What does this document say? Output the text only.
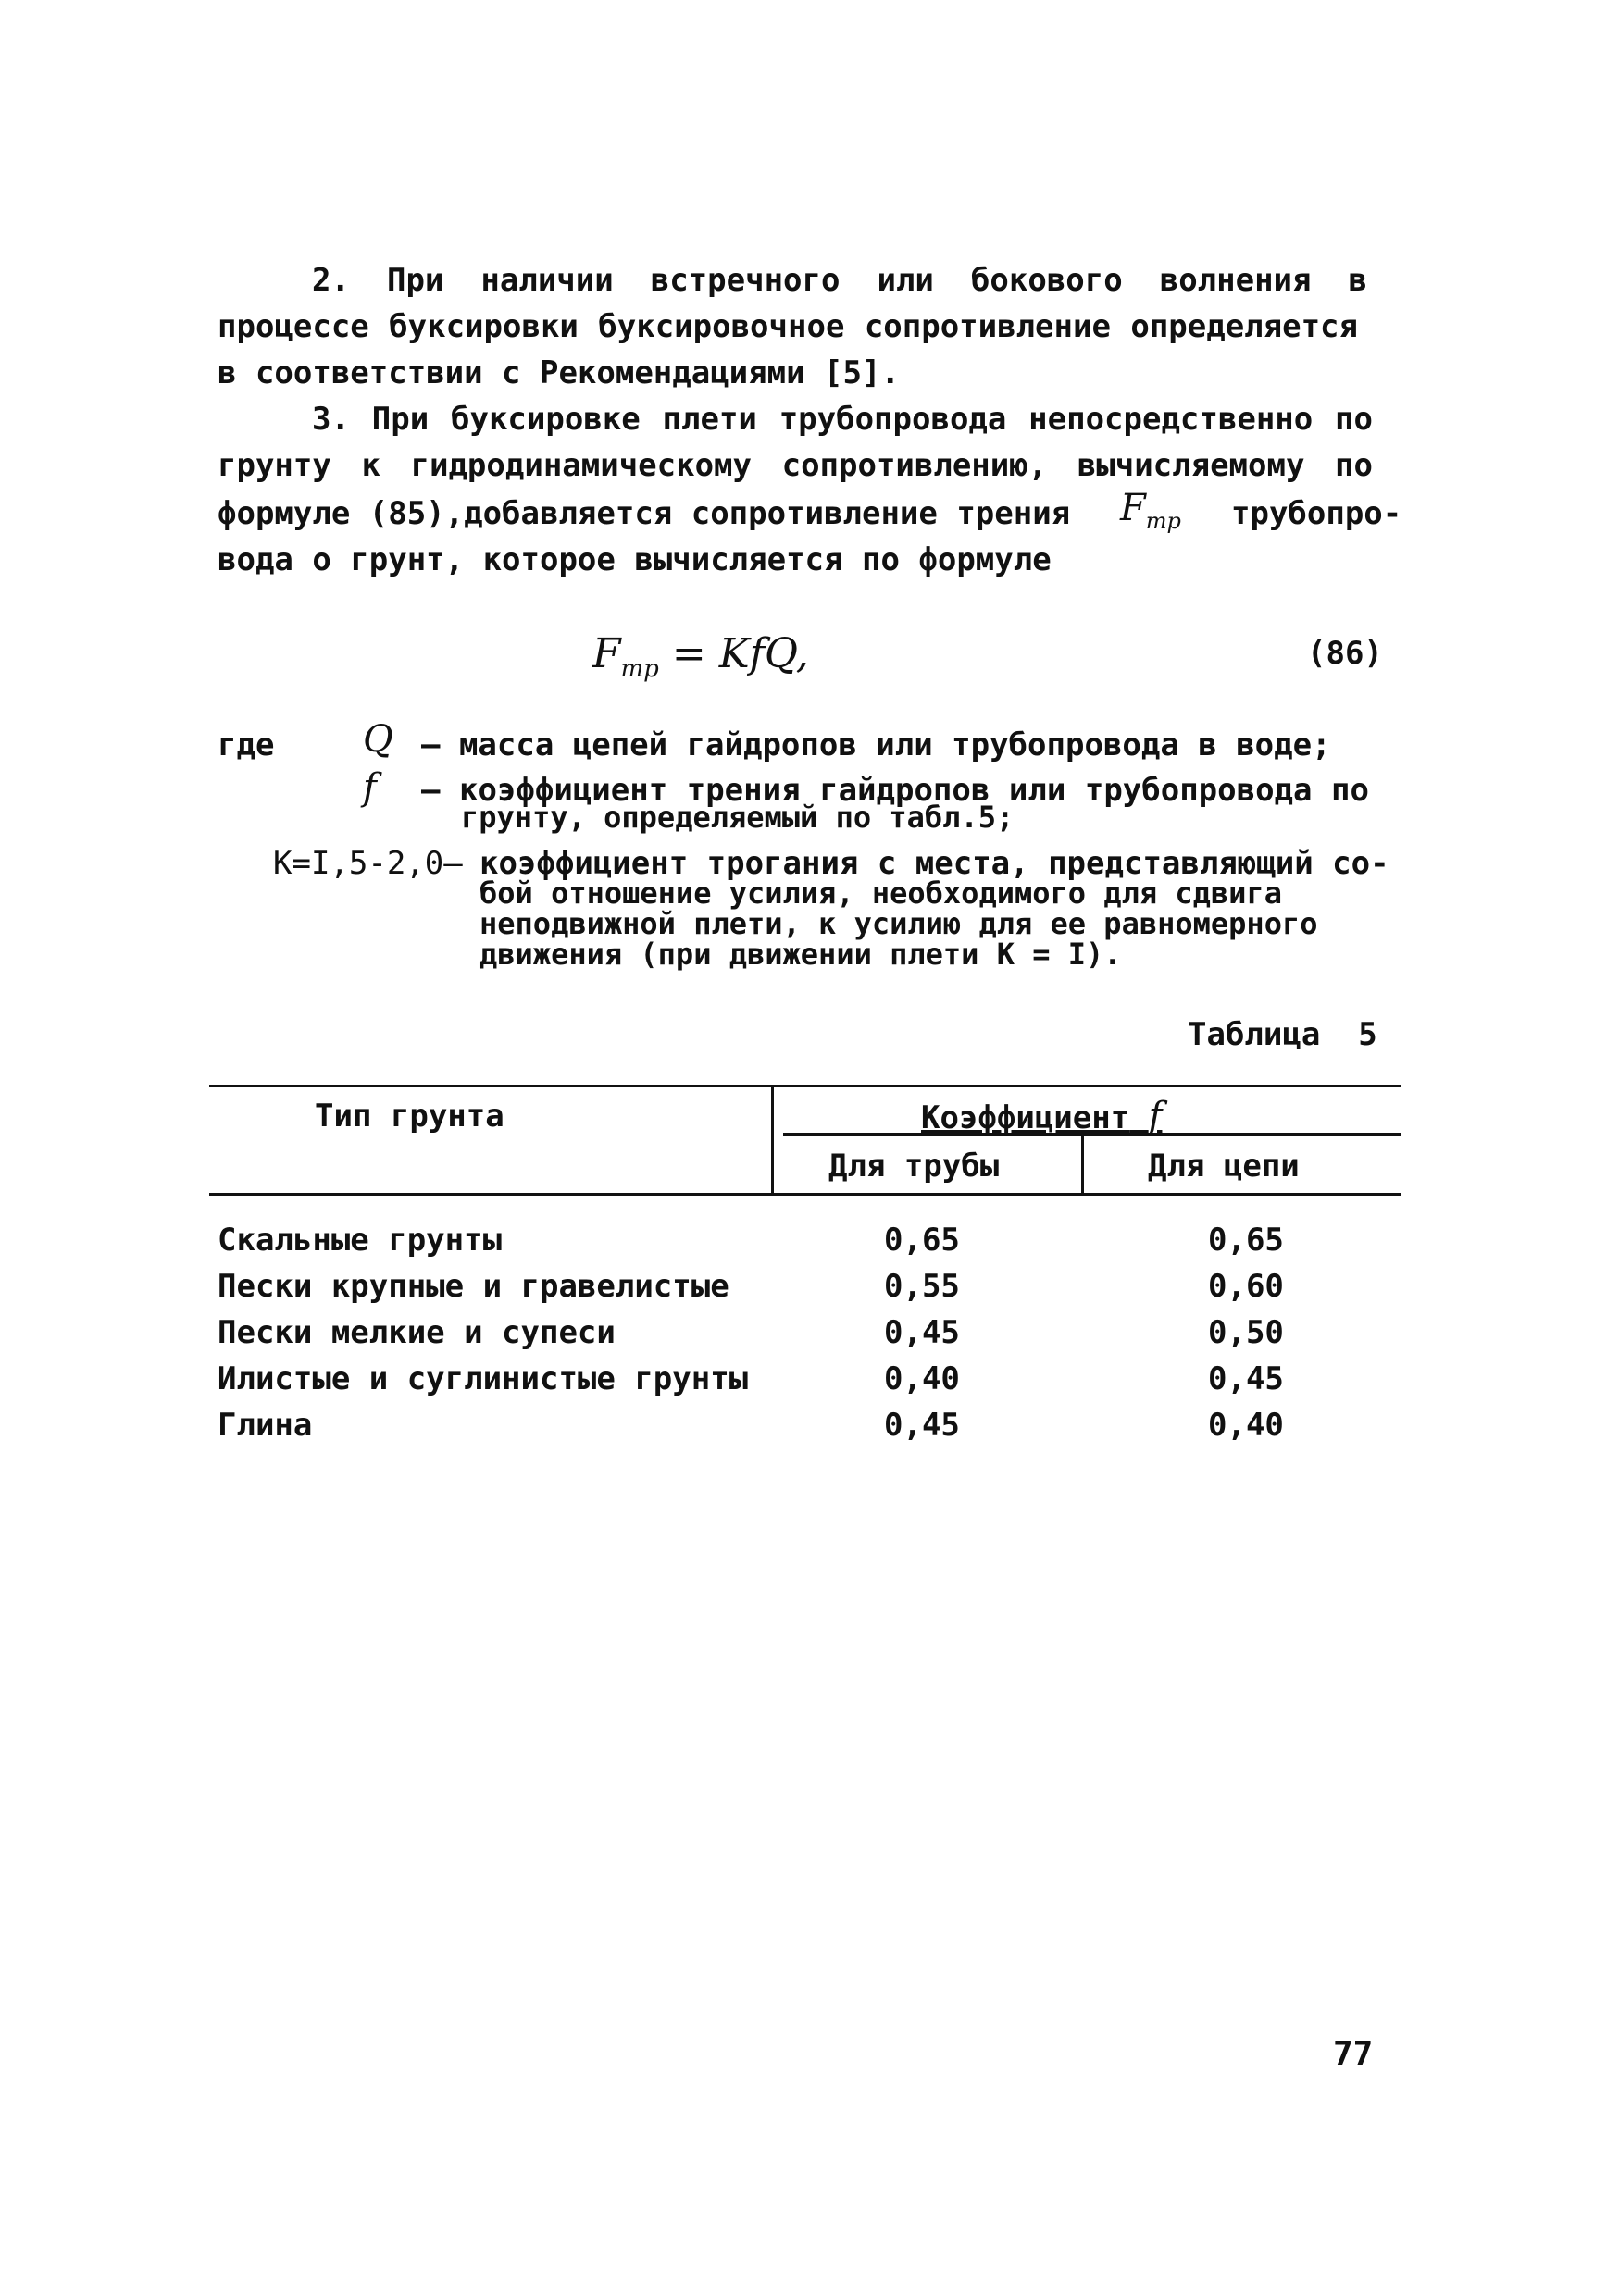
2. При наличии встречного или бокового волнения в
процессе буксировки буксировочное сопротивление определяется
в соответствии с Рекомендациями [5].
3. При буксировке плети трубопровода непосредственно по
грунту к гидродинамическому сопротивлению, вычисляемому по
формуле (85),добавляется сопротивление трения $F_{тр}$ трубопро-
вода о грунт, которое вычисляется по формуле
$F_{тр}$ = KfQ,	(86)
где Q – масса цепей гайдропов или трубопровода в воде;
f – коэффициент трения гайдропов или трубопровода по
грунту, определяемый по табл.5;
K=I,5-2,0– коэффициент трогания с места, представляющий со-
бой отношение усилия, необходимого для сдвига
неподвижной плети, к усилию для ее равномерного
движения (при движении плети K = I).
Таблица  5
Тип грунта	Коэффициент f
Для трубы	Для цепи
Скальные грунты	0,65	0,65
Пески крупные и гравелистые	0,55	0,60
Пески мелкие и супеси	0,45	0,50
Илистые и суглинистые грунты	0,40	0,45
Глина	0,45	0,40
77
